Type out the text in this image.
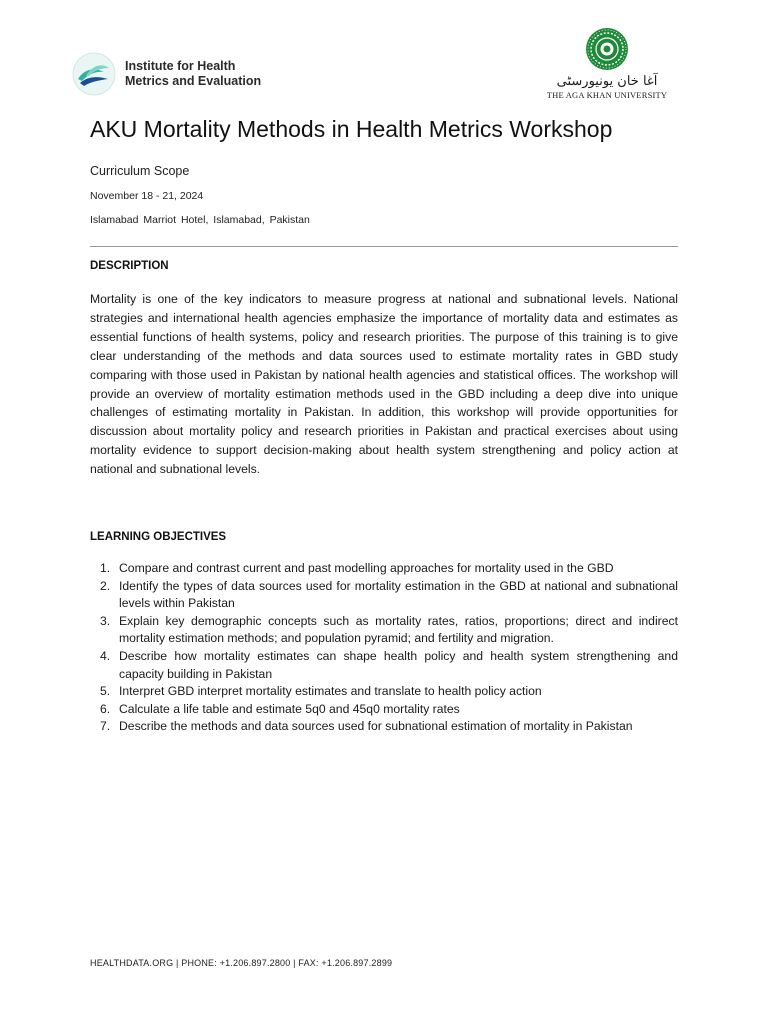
Institute for Health
Metrics and Evaluation	آغا خان یونیورسٹی
THE AGA KHAN UNIVERSITY
AKU Mortality Methods in Health Metrics Workshop
Curriculum Scope
November 18 - 21, 2024
Islamabad Marriot Hotel, Islamabad, Pakistan
DESCRIPTION

Mortality is one of the key indicators to measure progress at national and subnational levels. National strategies and international health agencies emphasize the importance of mortality data and estimates as essential functions of health systems, policy and research priorities. The purpose of this training is to give clear understanding of the methods and data sources used to estimate mortality rates in GBD study comparing with those used in Pakistan by national health agencies and statistical offices. The workshop will provide an overview of mortality estimation methods used in the GBD including a deep dive into unique challenges of estimating mortality in Pakistan. In addition, this workshop will provide opportunities for discussion about mortality policy and research priorities in Pakistan and practical exercises about using mortality evidence to support decision-making about health system strengthening and policy action at national and subnational levels.

LEARNING OBJECTIVES
1. Compare and contrast current and past modelling approaches for mortality used in the GBD
2. Identify the types of data sources used for mortality estimation in the GBD at national and subnational levels within Pakistan
3. Explain key demographic concepts such as mortality rates, ratios, proportions; direct and indirect mortality estimation methods; and population pyramid; and fertility and migration.
4. Describe how mortality estimates can shape health policy and health system strengthening and capacity building in Pakistan
5. Interpret GBD interpret mortality estimates and translate to health policy action
6. Calculate a life table and estimate 5q0 and 45q0 mortality rates
7. Describe the methods and data sources used for subnational estimation of mortality in Pakistan
HEALTHDATA.ORG | PHONE: +1.206.897.2800 | FAX: +1.206.897.2899
